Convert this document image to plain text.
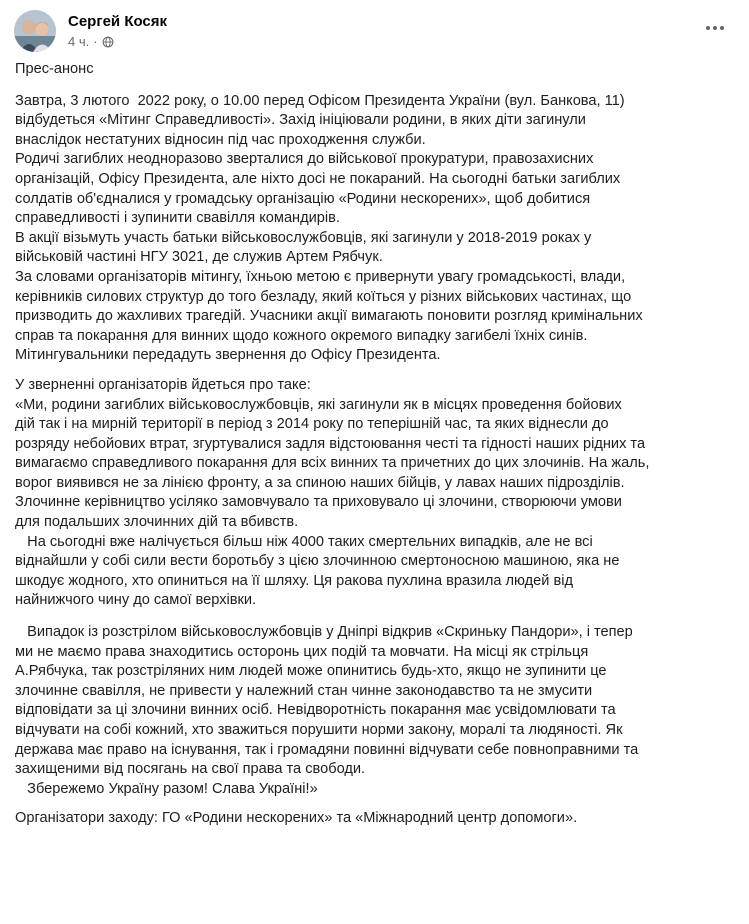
Сергей Косяк
4 ч. ·

Прес-анонс

Завтра, 3 лютого  2022 року, о 10.00 перед Офісом Президента України (вул. Банкова, 11)

відбудеться «Мітинг Справедливості». Захід ініціювали родини, в яких діти загинули

внаслідок нестатуних відносин під час проходження служби.

Родичі загиблих неодноразово зверталися до військової прокуратури, правозахисних

організацій, Офісу Президента, але ніхто досі не покараний. На сьогодні батьки загиблих

солдатів об'єдналися у громадську організацію «Родини нескорених», щоб добитися

справедливості і зупинити свавілля командирів.

В акції візьмуть участь батьки військовослужбовців, які загинули у 2018-2019 роках у

військовій частині НГУ 3021, де служив Артем Рябчук.

За словами організаторів мітингу, їхньою метою є привернути увагу громадськості, влади,

керівників силових структур до того безладу, який коїться у різних військових частинах, що

призводить до жахливих трагедій. Учасники акції вимагають поновити розгляд кримінальних

справ та покарання для винних щодо кожного окремого випадку загибелі їхніх синів.

Мітингувальники передадуть звернення до Офісу Президента.

У зверненні організаторів йдеться про таке:

«Ми, родини загиблих військовослужбовців, які загинули як в місцях проведення бойових

дій так і на мирній території в період з 2014 року по теперішній час, та яких віднесли до

розряду небойових втрат, згуртувалися задля відстоювання честі та гідності наших рідних та

вимагаємо справедливого покарання для всіх винних та причетних до цих злочинів. На жаль,

ворог виявився не за лінією фронту, а за спиною наших бійців, у лавах наших підрозділів.

Злочинне керівництво усіляко замовчувало та приховувало ці злочини, створюючи умови

для подальших злочинних дій та вбивств.

На сьогодні вже налічується більш ніж 4000 таких смертельних випадків, але не всі

віднайшли у собі сили вести боротьбу з цією злочинною смертоносною машиною, яка не

шкодує жодного, хто опиниться на її шляху. Ця ракова пухлина вразила людей від

найнижчого чину до самої верхівки.

Випадок із розстрілом військовослужбовців у Дніпрі відкрив «Скриньку Пандори», і тепер

ми не маємо права знаходитись осторонь цих подій та мовчати. На місці як стрільця

А.Рябчука, так розстріляних ним людей може опинитись будь-хто, якщо не зупинити це

злочинне свавілля, не привести у належний стан чинне законодавство та не змусити

відповідати за ці злочини винних осіб. Невідворотність покарання має усвідомлювати та

відчувати на собі кожний, хто зважиться порушити норми закону, моралі та людяності. Як

держава має право на існування, так і громадяни повинні відчувати себе повноправними та

захищеними від посягань на свої права та свободи.

Збережемо Україну разом! Слава Україні!»

Організатори заходу: ГО «Родини нескорених» та «Міжнародний центр допомоги».
